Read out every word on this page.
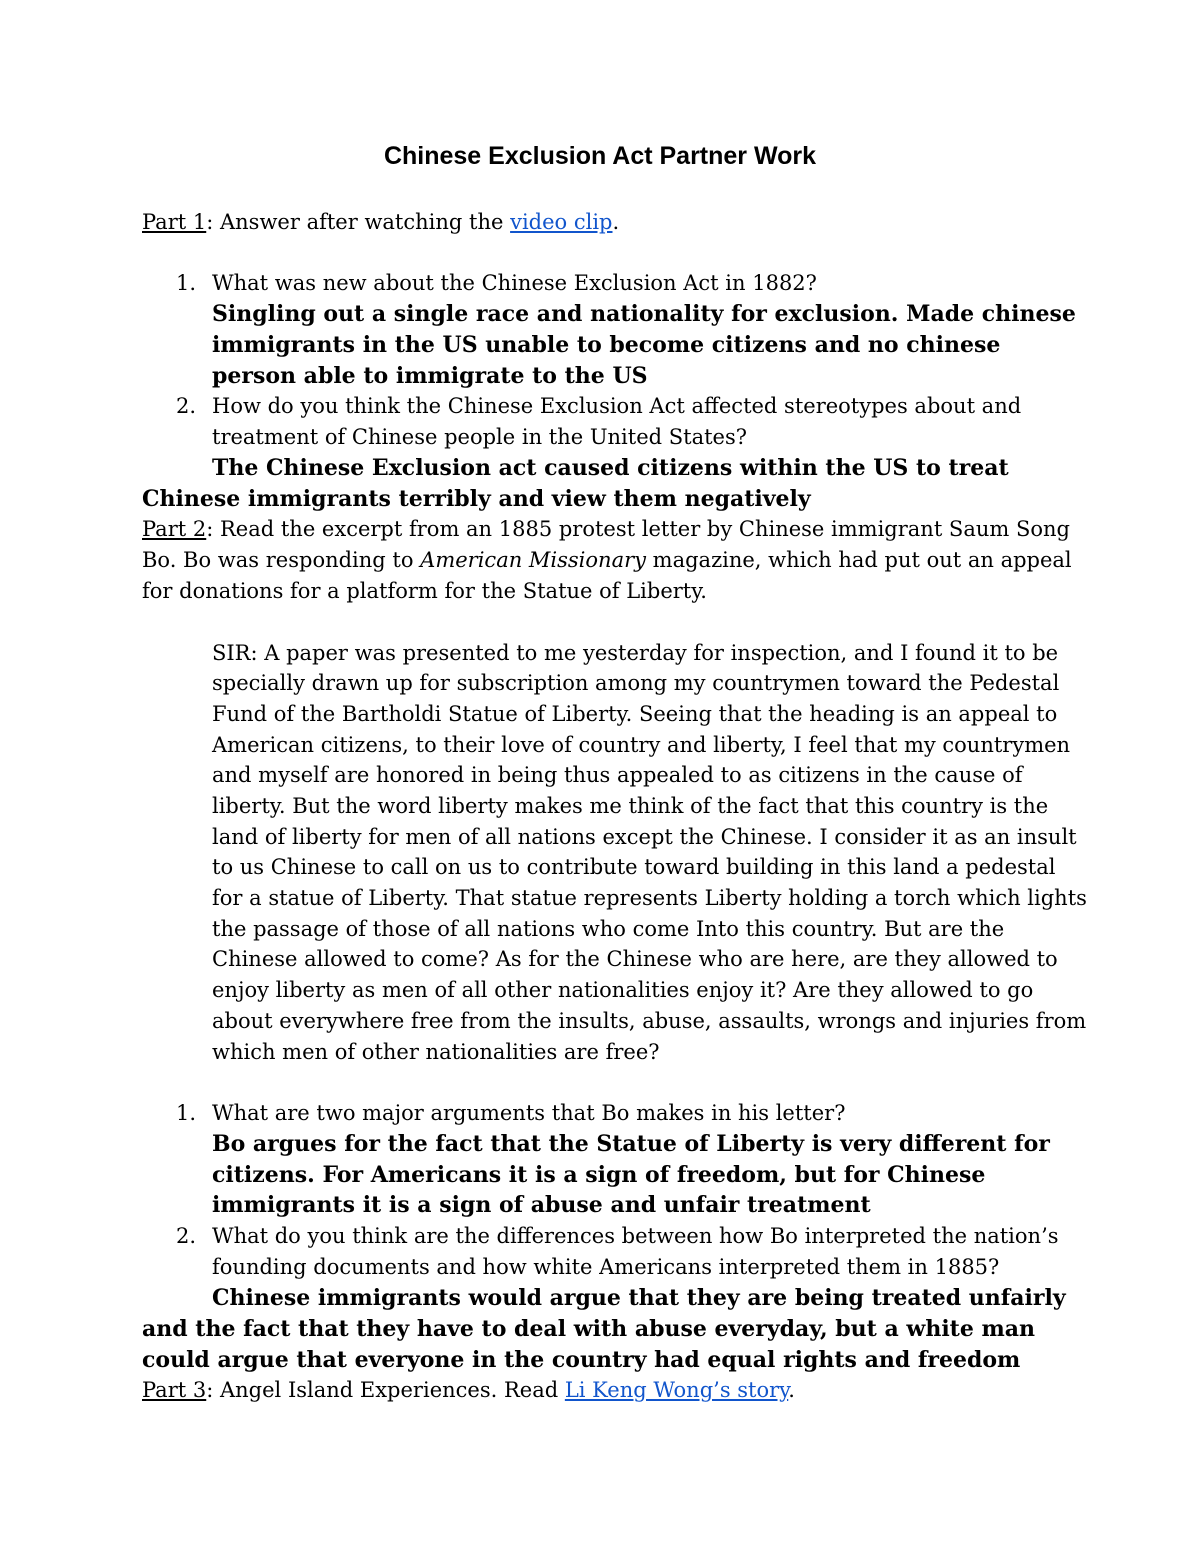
Chinese Exclusion Act Partner Work
Part 1: Answer after watching the video clip.
1. What was new about the Chinese Exclusion Act in 1882?
Singling out a single race and nationality for exclusion. Made chinese
immigrants in the US unable to become citizens and no chinese
person able to immigrate to the US
2. How do you think the Chinese Exclusion Act affected stereotypes about and
treatment of Chinese people in the United States?
The Chinese Exclusion act caused citizens within the US to treat
Chinese immigrants terribly and view them negatively
Part 2: Read the excerpt from an 1885 protest letter by Chinese immigrant Saum Song
Bo. Bo was responding to American Missionary magazine, which had put out an appeal
for donations for a platform for the Statue of Liberty.
SIR: A paper was presented to me yesterday for inspection, and I found it to be
specially drawn up for subscription among my countrymen toward the Pedestal
Fund of the Bartholdi Statue of Liberty. Seeing that the heading is an appeal to
American citizens, to their love of country and liberty, I feel that my countrymen
and myself are honored in being thus appealed to as citizens in the cause of
liberty. But the word liberty makes me think of the fact that this country is the
land of liberty for men of all nations except the Chinese. I consider it as an insult
to us Chinese to call on us to contribute toward building in this land a pedestal
for a statue of Liberty. That statue represents Liberty holding a torch which lights
the passage of those of all nations who come Into this country. But are the
Chinese allowed to come? As for the Chinese who are here, are they allowed to
enjoy liberty as men of all other nationalities enjoy it? Are they allowed to go
about everywhere free from the insults, abuse, assaults, wrongs and injuries from
which men of other nationalities are free?
1. What are two major arguments that Bo makes in his letter?
Bo argues for the fact that the Statue of Liberty is very different for
citizens. For Americans it is a sign of freedom, but for Chinese
immigrants it is a sign of abuse and unfair treatment
2. What do you think are the differences between how Bo interpreted the nation’s
founding documents and how white Americans interpreted them in 1885?
Chinese immigrants would argue that they are being treated unfairly
and the fact that they have to deal with abuse everyday, but a white man
could argue that everyone in the country had equal rights and freedom
Part 3: Angel Island Experiences. Read Li Keng Wong’s story.
